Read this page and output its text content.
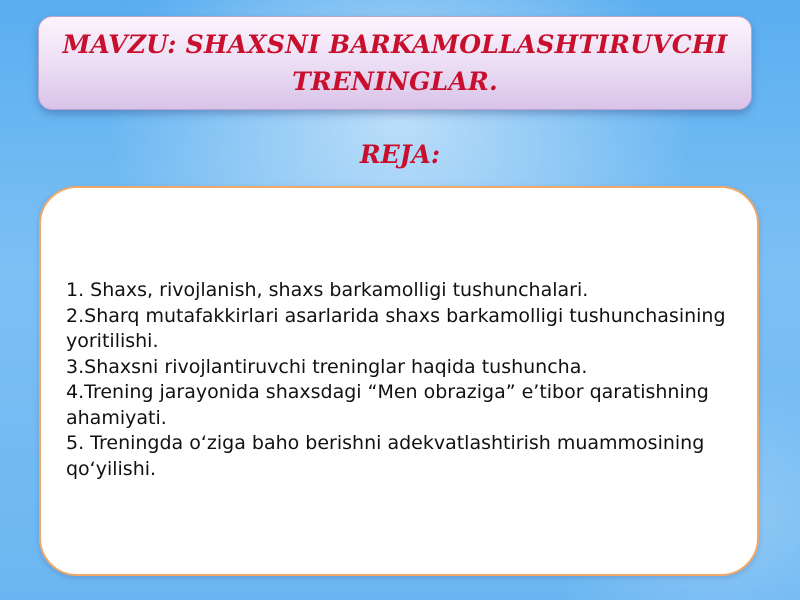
MAVZU: SHAXSNI BARKAMOLLASHTIRUVCHI
TRENINGLAR.
REJA:
1. Shaxs, rivojlanish, shaxs barkamolligi tushunchalari.
2.Sharq mutafakkirlari asarlarida shaxs barkamolligi tushunchasining yoritilishi.
3.Shaxsni rivojlantiruvchi treninglar haqida tushuncha.
4.Trening jarayonida shaxsdagi “Men obraziga” e’tibor qaratishning ahamiyati.
5. Treningda o‘ziga baho berishni adekvatlashtirish muammosining qo‘yilishi.
